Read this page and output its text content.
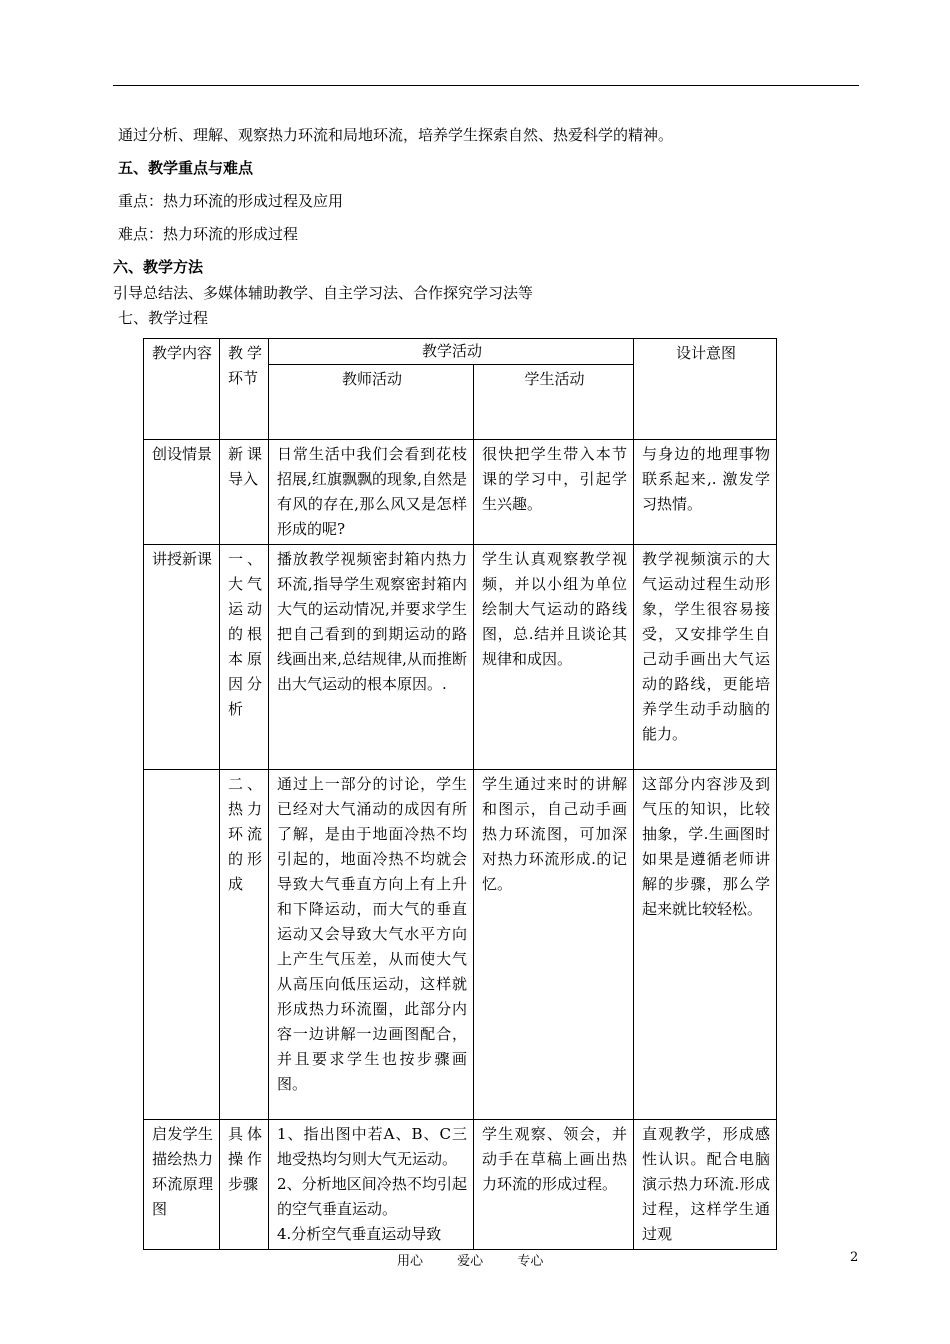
通过分析、理解、观察热力环流和局地环流，培养学生探索自然、热爱科学的精神。
五、教学重点与难点
重点：热力环流的形成过程及应用
难点：热力环流的形成过程
六、教学方法
引导总结法、多媒体辅助教学、自主学习法、合作探究学习法等
七、教学过程
教学内容	教学环节	教学活动		设计意图
		教师活动	学生活动	
创设情景	新课导入	日常生活中我们会看到花枝招展,红旗飘飘的现象,自然是有风的存在,那么风又是怎样形成的呢?	很快把学生带入本节课的学习中，引起学生兴趣。	与身边的地理事物联系起来,. 激发学习热情。
讲授新课	一、大气运动的根本原因分析	播放教学视频密封箱内热力环流,指导学生观察密封箱内大气的运动情况,并要求学生把自己看到的到期运动的路线画出来,总结规律,从而推断出大气运动的根本原因。.	学生认真观察教学视频，并以小组为单位绘制大气运动的路线图，总.结并且谈论其规律和成因。	教学视频演示的大气运动过程生动形象，学生很容易接受，又安排学生自己动手画出大气运动的路线，更能培养学生动手动脑的能力。
	二、热力环流的形成	通过上一部分的讨论，学生已经对大气涌动的成因有所了解，是由于地面冷热不均引起的，地面冷热不均就会导致大气垂直方向上有上升和下降运动，而大气的垂直运动又会导致大气水平方向上产生气压差，从而使大气从高压向低压运动，这样就形成热力环流圈，此部分内容一边讲解一边画图配合，并且要求学生也按步骤画图。	学生通过来时的讲解和图示，自己动手画热力环流图，可加深对热力环流形成.的记忆。	这部分内容涉及到气压的知识，比较抽象，学.生画图时如果是遵循老师讲解的步骤，那么学起来就比较轻松。
启发学生描绘热力环流原理图	具体操作步骤	1、指出图中若A、B、C三地受热均匀则大气无运动。
2、分析地区间冷热不均引起的空气垂直运动。
4.分析空气垂直运动导致	学生观察、领会，并动手在草稿上画出热力环流的形成过程。	直观教学，形成感性认识。配合电脑演示热力环流.形成过程，这样学生通过观
用心	爱心	专心	2
